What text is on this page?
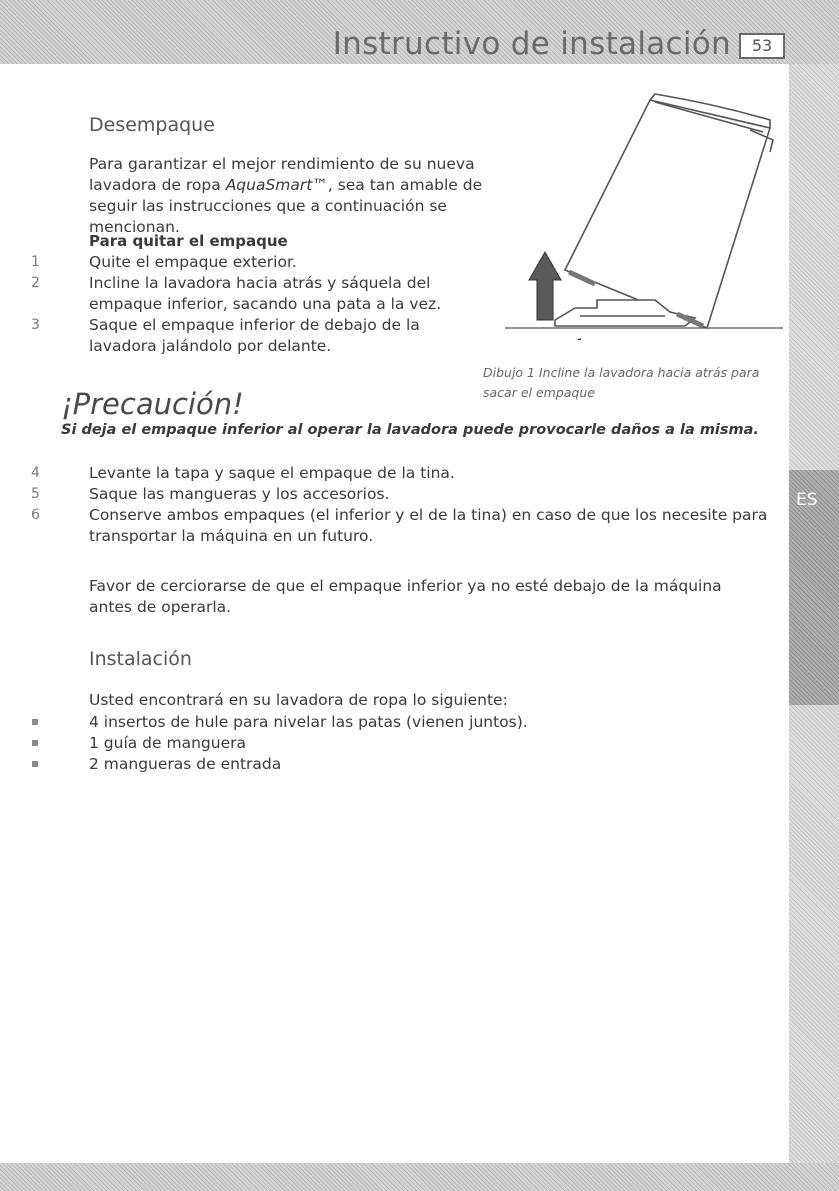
ES
Instructivo de instalación	53
Desempaque

Para garantizar el mejor rendimiento de su nueva lavadora de ropa AquaSmart™, sea tan amable de seguir las instrucciones que a continuación se mencionan.

Para quitar el empaque
1	Quite el empaque exterior.
2	Incline la lavadora hacia atrás y sáquela del empaque inferior, sacando una pata a la vez.
3	Saque el empaque inferior de debajo de la lavadora jalándolo por delante.
Dibujo 1 Incline la lavadora hacia atrás para sacar el empaque
¡Precaución!
Si deja el empaque inferior al operar la lavadora puede provocarle daños a la misma.
4	Levante la tapa y saque el empaque de la tina.
5	Saque las mangueras y los accesorios.
6	Conserve ambos empaques (el inferior y el de la tina) en caso de que los necesite para transportar la máquina en un futuro.

Favor de cerciorarse de que el empaque inferior ya no esté debajo de la máquina antes de operarla.

Instalación

Usted encontrará en su lavadora de ropa lo siguiente:

4 insertos de hule para nivelar las patas (vienen juntos).
1 guía de manguera
2 mangueras de entrada
